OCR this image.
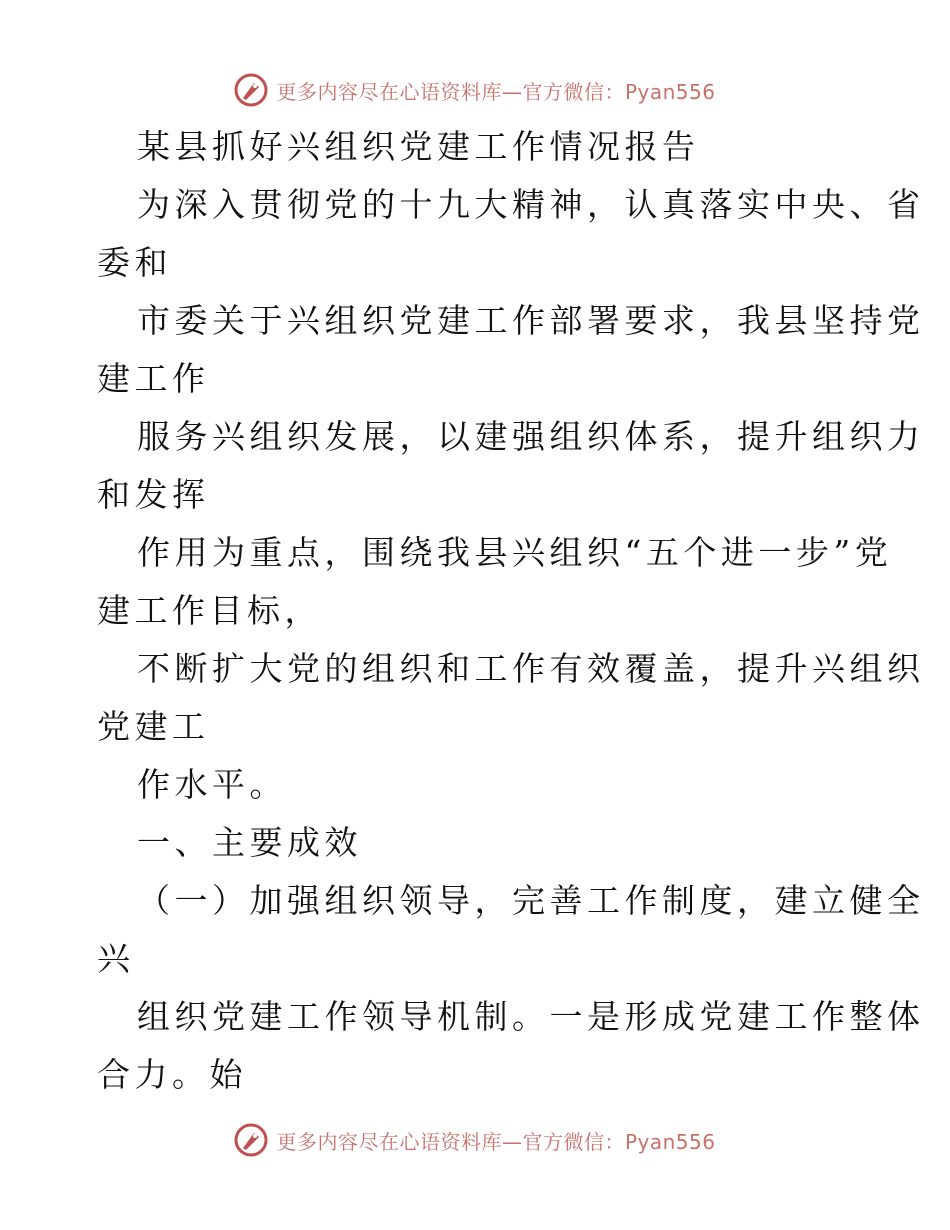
更多内容尽在心语资料库—官方微信：Pyan556
某县抓好兴组织党建工作情况报告
为深入贯彻党的十九大精神，认真落实中央、省
委和
市委关于兴组织党建工作部署要求，我县坚持党
建工作
服务兴组织发展，以建强组织体系，提升组织力
和发挥
作用为重点，围绕我县兴组织“五个进一步”党
建工作目标，
不断扩大党的组织和工作有效覆盖，提升兴组织
党建工
作水平。
一、主要成效
（一）加强组织领导，完善工作制度，建立健全
兴
组织党建工作领导机制。一是形成党建工作整体
合力。始
更多内容尽在心语资料库—官方微信：Pyan556
